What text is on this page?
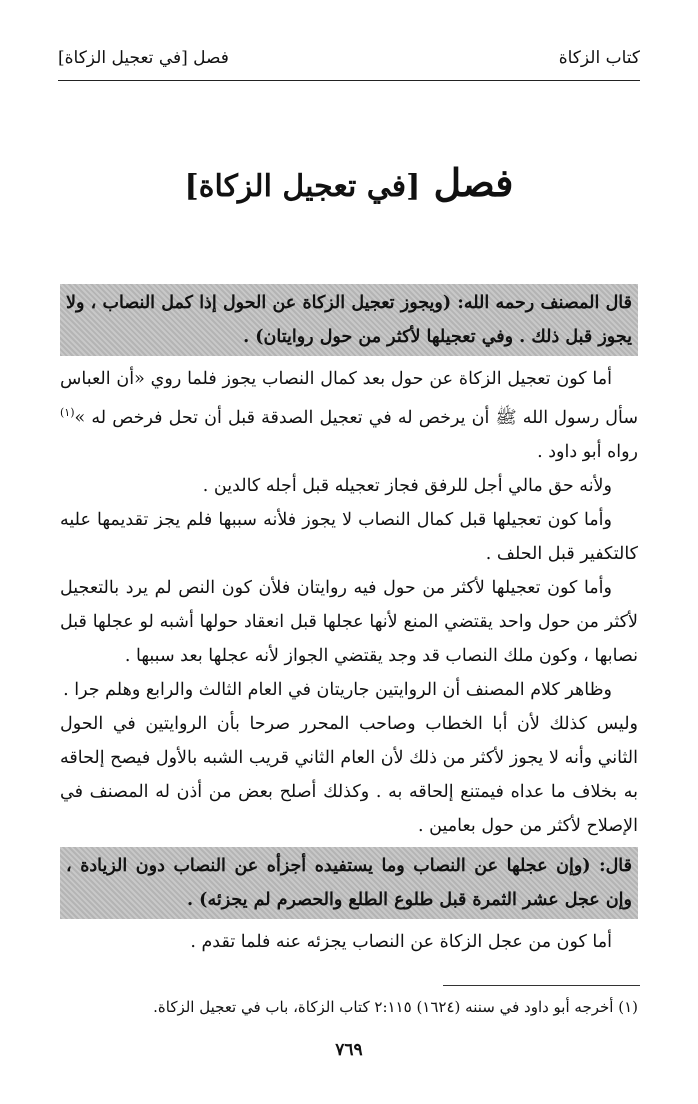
كتاب الزكاة
فصل [في تعجيل الزكاة]
فصل [في تعجيل الزكاة]

قال المصنف رحمه الله: (ويجوز تعجيل الزكاة عن الحول إذا كمل النصاب ، ولا يجوز قبل ذلك . وفي تعجيلها لأكثر من حول روايتان) .

أما كون تعجيل الزكاة عن حول بعد كمال النصاب يجوز فلما روي «أن العباس سأل رسول الله ﷺ أن يرخص له في تعجيل الصدقة قبل أن تحل فرخص له »$^{(١)}$ رواه أبو داود .

ولأنه حق مالي أجل للرفق فجاز تعجيله قبل أجله كالدين .

وأما كون تعجيلها قبل كمال النصاب لا يجوز فلأنه سببها فلم يجز تقديمها عليه كالتكفير قبل الحلف .

وأما كون تعجيلها لأكثر من حول فيه روايتان فلأن كون النص لم يرد بالتعجيل لأكثر من حول واحد يقتضي المنع لأنها عجلها قبل انعقاد حولها أشبه لو عجلها قبل نصابها ، وكون ملك النصاب قد وجد يقتضي الجواز لأنه عجلها بعد سببها .

وظاهر كلام المصنف أن الروايتين جاريتان في العام الثالث والرابع وهلم جرا .

وليس كذلك لأن أبا الخطاب وصاحب المحرر صرحا بأن الروايتين في الحول الثاني وأنه لا يجوز لأكثر من ذلك لأن العام الثاني قريب الشبه بالأول فيصح إلحاقه به بخلاف ما عداه فيمتنع إلحاقه به . وكذلك أصلح بعض من أذن له المصنف في الإصلاح لأكثر من حول بعامين .

قال: (وإن عجلها عن النصاب وما يستفيده أجزأه عن النصاب دون الزيادة ، وإن عجل عشر الثمرة قبل طلوع الطلع والحصرم لم يجزئه) .

أما كون من عجل الزكاة عن النصاب يجزئه عنه فلما تقدم .

(١) أخرجه أبو داود في سننه (١٦٢٤) ٢:١١٥ كتاب الزكاة، باب في تعجيل الزكاة.
٧٦٩
